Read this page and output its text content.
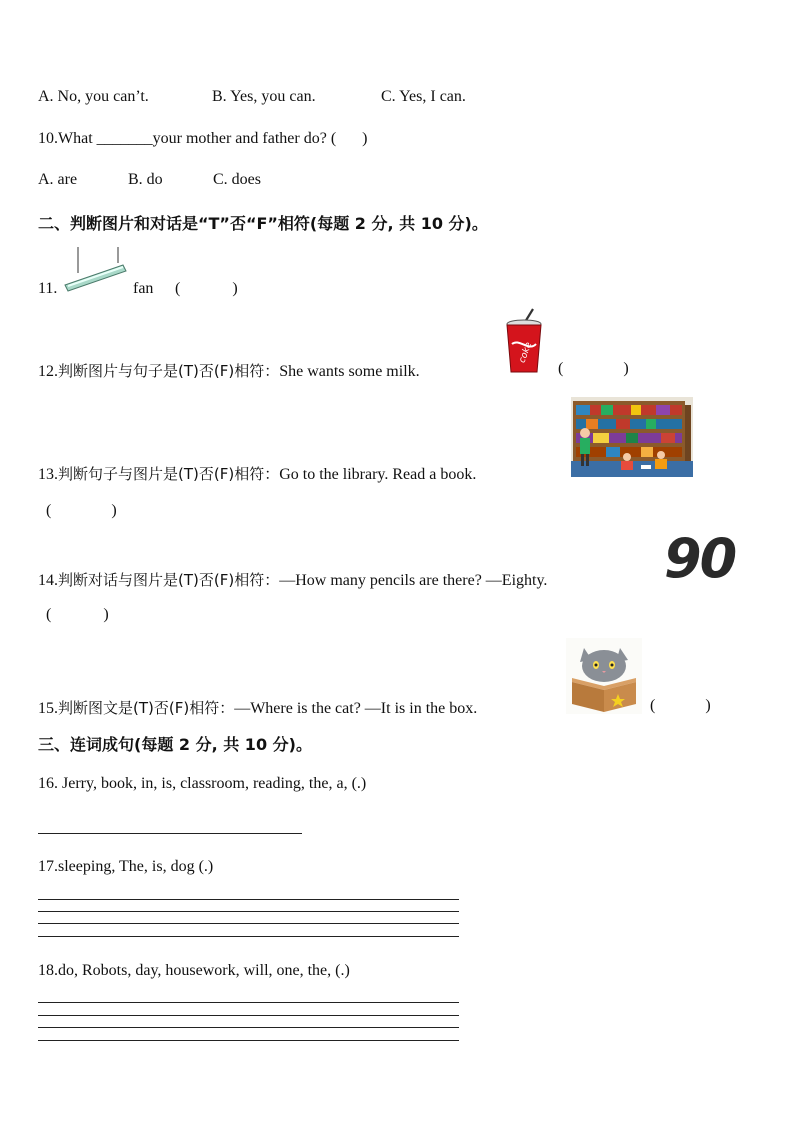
A. No, you can’t.	B. Yes, you can.	C. Yes, I can.
10.What _______your mother and father do? ( )
A. are	B. do	C. does
二、判断图片和对话是“T”否“F”相符(每题 2 分, 共 10 分)。
11.	fan (	)
12.判断图片与句子是(T)否(F)相符：She wants some milk.
coke
(	)
13.判断句子与图片是(T)否(F)相符：Go to the library. Read a book.
(	)
14.判断对话与图片是(T)否(F)相符：—How many pencils are there? —Eighty. 90
(	)
15.判断图文是(T)否(F)相符：—Where is the cat? —It is in the box.	(	)
三、连词成句(每题 2 分, 共 10 分)。
16. Jerry, book, in, is, classroom, reading, the, a, (.)
17.sleeping, The, is, dog (.)
18.do, Robots, day, housework, will, one, the, (.)
